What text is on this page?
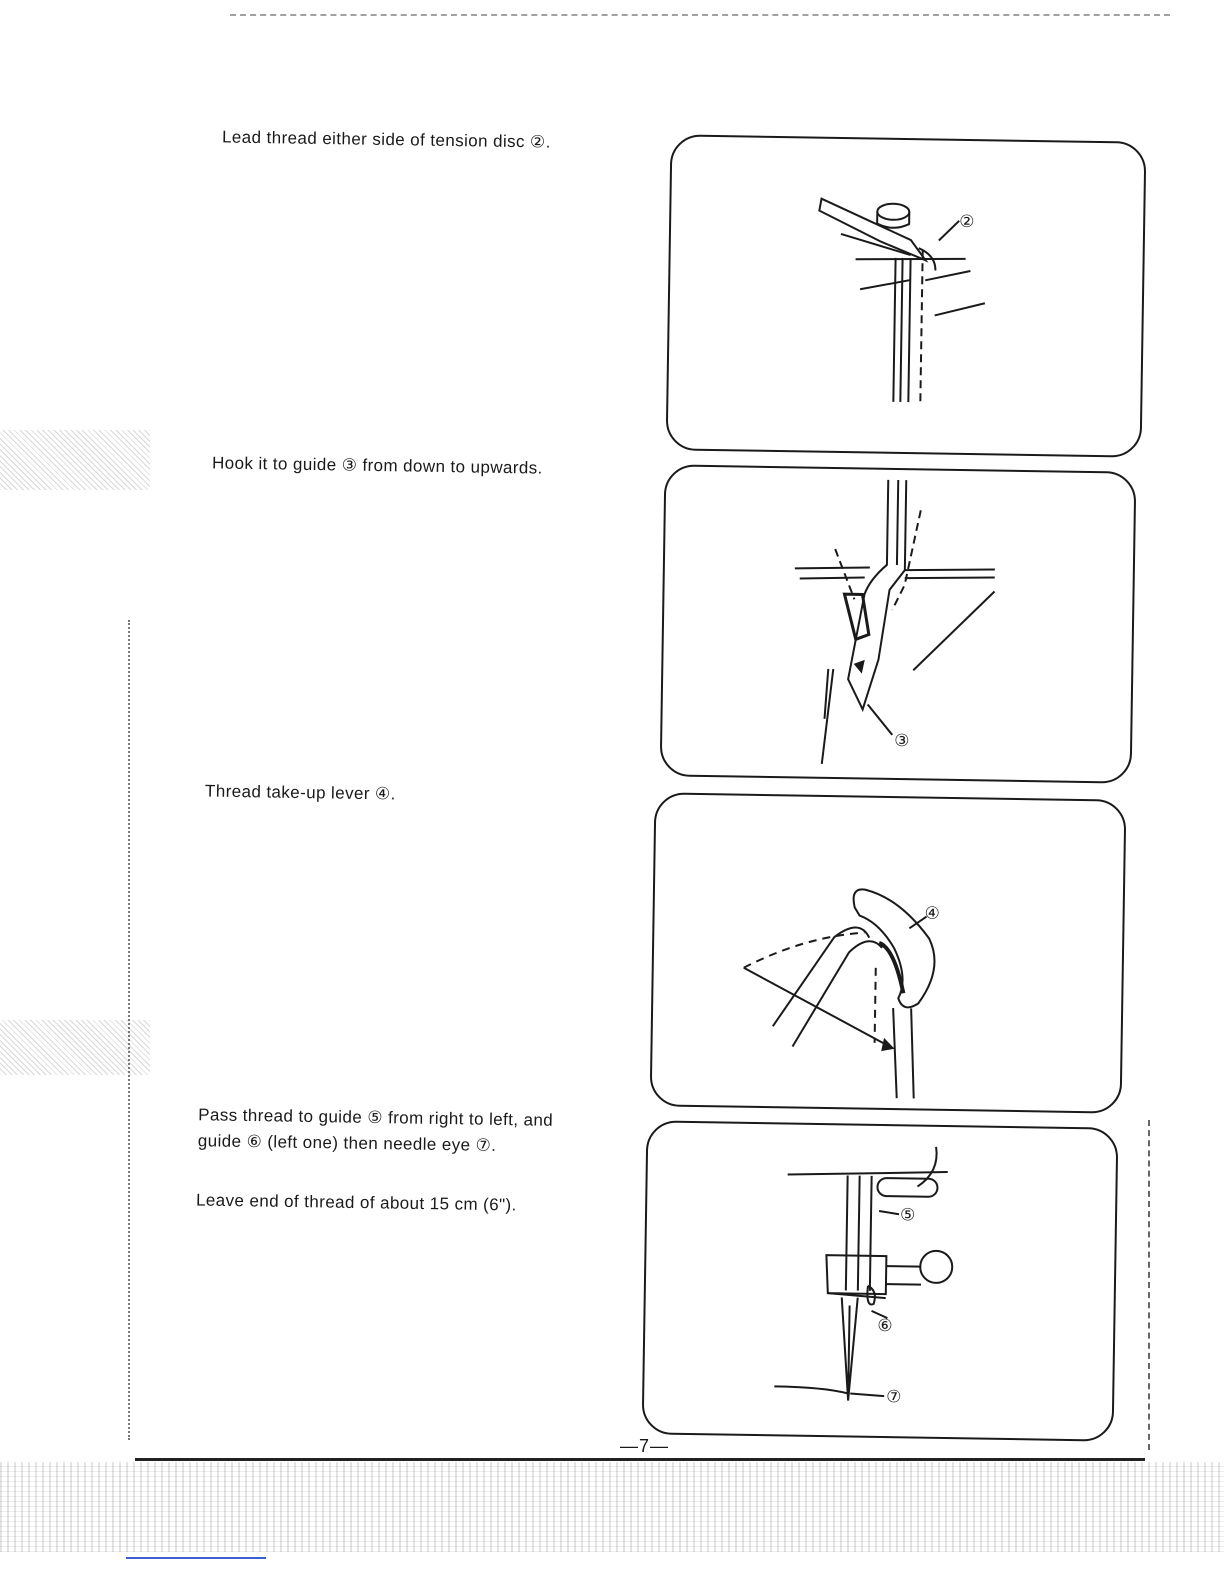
Lead thread either side of tension disc ②.
②
Hook it to guide ③ from down to upwards.
③
Thread take-up lever ④.
④
Pass thread to guide ⑤ from right to left, and
guide ⑥ (left one) then needle eye ⑦.
Leave end of thread of about 15 cm (6").
⑤
⑥
⑦
—7—
